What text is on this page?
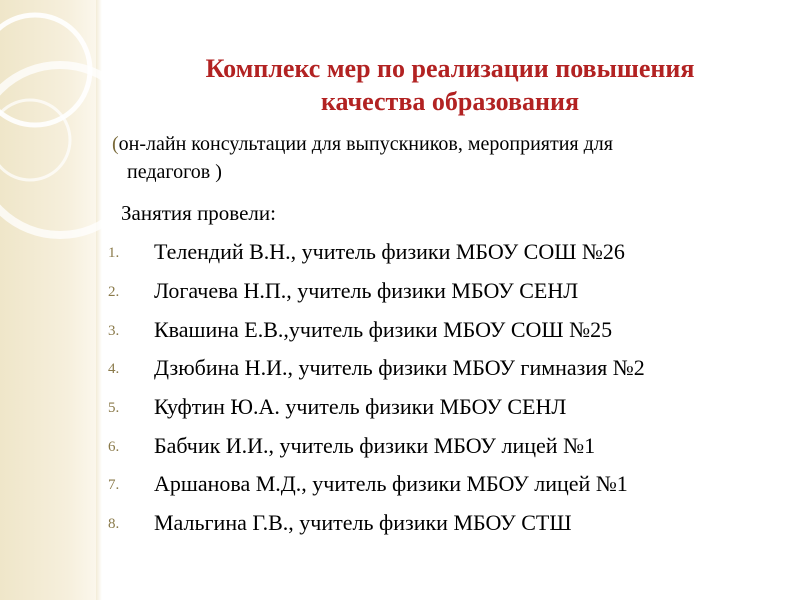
Комплекс мер по реализации повышения
качества образования
(он-лайн консультации для выпускников, мероприятия для
педагогов )
Занятия провели:
1.	Телендий В.Н., учитель физики МБОУ СОШ №26
2.	Логачева Н.П., учитель физики МБОУ СЕНЛ
3.	Квашина Е.В.,учитель физики МБОУ СОШ №25
4.	Дзюбина Н.И., учитель физики МБОУ гимназия №2
5.	Куфтин Ю.А. учитель физики МБОУ СЕНЛ
6.	Бабчик И.И., учитель физики МБОУ лицей №1
7.	Аршанова М.Д., учитель физики МБОУ лицей №1
8.	Мальгина Г.В., учитель физики МБОУ СТШ
